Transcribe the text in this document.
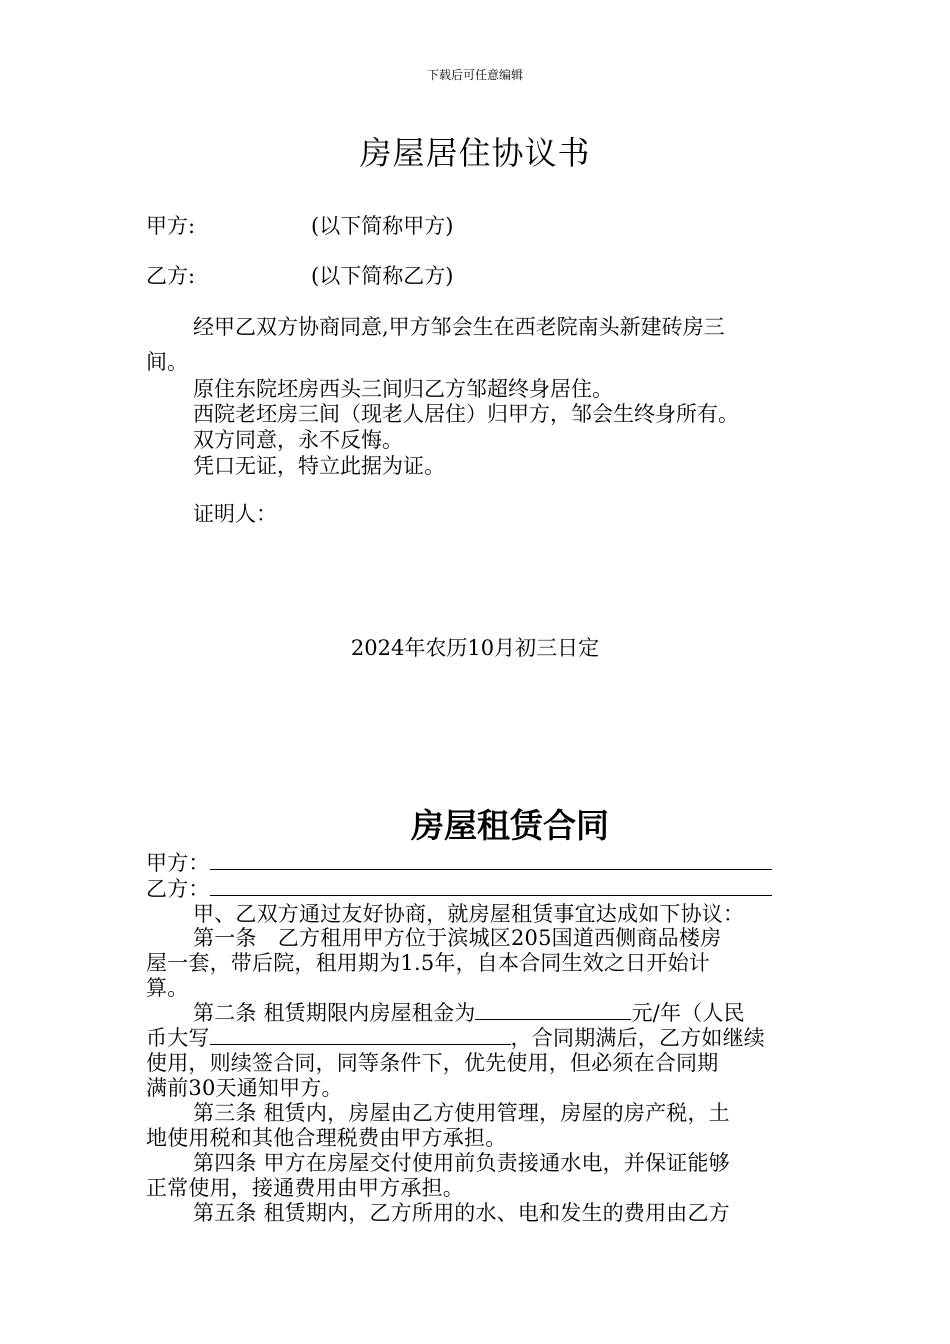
下载后可任意编辑
房屋居住协议书
甲方:	(以下简称甲方)
乙方:	(以下简称乙方)
经甲乙双方协商同意,甲方邹会生在西老院南头新建砖房三
间。
原住东院坯房西头三间归乙方邹超终身居住。
西院老坯房三间（现老人居住）归甲方，邹会生终身所有。
双方同意，永不反悔。
凭口无证，特立此据为证。
证明人：
2024年农历10月初三日定
房屋租赁合同
甲方：
乙方：
甲、乙双方通过友好协商，就房屋租赁事宜达成如下协议：
第一条　乙方租用甲方位于滨城区205国道西侧商品楼房
屋一套，带后院，租用期为1.5年，自本合同生效之日开始计
算。
第二条 租赁期限内房屋租金为	元/年（人民
币大写	，合同期满后，乙方如继续
使用，则续签合同，同等条件下，优先使用，但必须在合同期
满前30天通知甲方。
第三条 租赁内，房屋由乙方使用管理，房屋的房产税，土
地使用税和其他合理税费由甲方承担。
第四条 甲方在房屋交付使用前负责接通水电，并保证能够
正常使用，接通费用由甲方承担。
第五条 租赁期内，乙方所用的水、电和发生的费用由乙方
